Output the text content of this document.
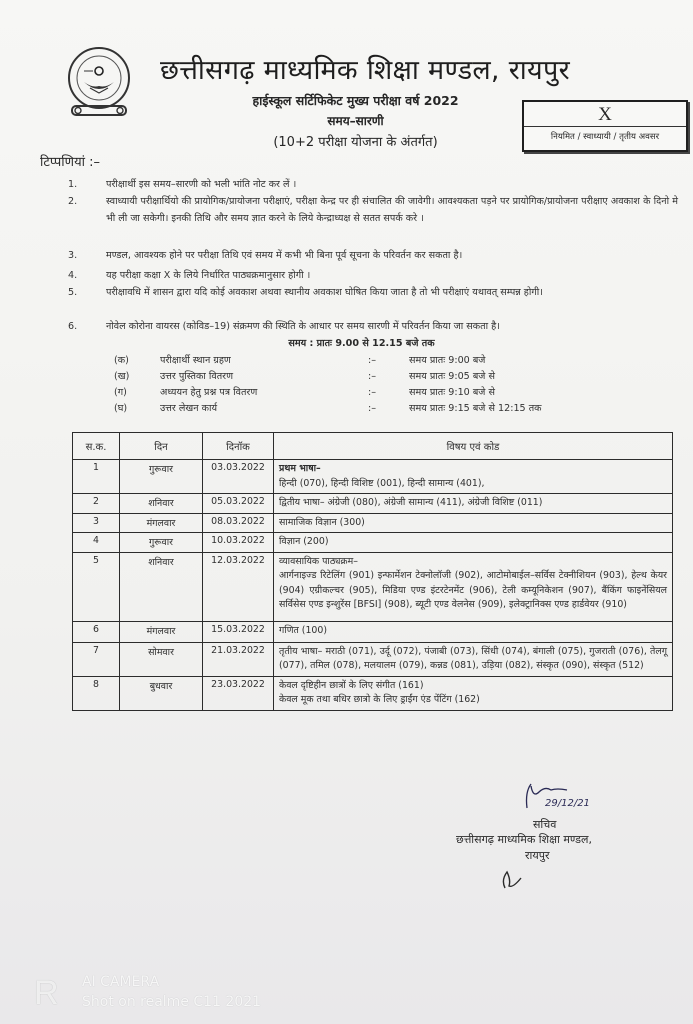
छत्तीसगढ़ माध्यमिक शिक्षा मण्डल, रायपुर
हाईस्कूल सर्टिफिकेट मुख्य परीक्षा वर्ष 2022
समय–सारणी
(10+2 परीक्षा योजना के अंतर्गत)
X
नियमित / स्वाध्यायी / तृतीय अवसर
टिप्पणियां :–
1.	परीक्षार्थी इस समय–सारणी को भली भांति नोट कर लें ।
2.	स्वाध्यायी परीक्षार्थियो की प्रायोगिक/प्रायोजना परीक्षाएं, परीक्षा केन्द्र पर ही संचालित की जावेगी। आवश्यकता पड़ने पर प्रायोगिक/प्रायोजना परीक्षाए अवकाश के दिनो मे भी ली जा सकेगी। इनकी तिथि और समय ज्ञात करने के लिये केन्द्राध्यक्ष से सतत सपर्क करे ।
3.	मण्डल, आवश्यक होने पर परीक्षा तिथि एवं समय में कभी भी बिना पूर्व सूचना के परिवर्तन कर सकता है।
4.	यह परीक्षा कक्षा X के लिये निर्धारित पाठ्यक्रमानुसार होगी ।
5.	परीक्षावधि में शासन द्वारा यदि कोई अवकाश अथवा स्थानीय अवकाश घोषित किया जाता है तो भी परीक्षाएं यथावत् सम्पन्न होगी।
6.	नोवेल कोरोना वायरस (कोविड–19) संक्रमण की स्थिति के आधार पर समय सारणी में परिवर्तन किया जा सकता है।
समय : प्रातः 9.00 से 12.15 बजे तक
(क)	परीक्षार्थी स्थान ग्रहण	:–	समय प्रातः 9:00 बजे
(ख)	उत्तर पुस्तिका वितरण	:–	समय प्रातः 9:05 बजे से
(ग)	अध्ययन हेतु प्रश्न पत्र वितरण	:–	समय प्रातः 9:10 बजे से
(घ)	उत्तर लेखन कार्य	:–	समय प्रातः 9:15 बजे से 12:15 तक
स.क.	दिन	दिनॉक	विषय एवं कोड
1	गुरूवार	03.03.2022	प्रथम भाषा–
हिन्दी (070), हिन्दी विशिष्ट (001), हिन्दी सामान्य (401),

2	शनिवार	05.03.2022	द्वितीय भाषा– अंग्रेजी (080), अंग्रेजी सामान्य (411), अंग्रेजी विशिष्ट (011)
3	मंगलवार	08.03.2022	सामाजिक विज्ञान (300)
4	गुरूवार	10.03.2022	विज्ञान (200)
5	शनिवार	12.03.2022	व्यावसायिक पाठ्यक्रम–
आर्गनाइज्ड रिटेलिंग (901) इन्फार्मेशन टेक्नोलॉजी (902), आटोमोबाईल–सर्विस टेक्नीशियन (903), हेल्थ केयर (904) एग्रीकल्चर (905), मिडिया एण्ड इंटरटेनमेंट (906), टेली कम्यूनिकेशन (907), बैंकिंग फाइनेंसियल सर्विसेस एण्ड इन्शुरेंस [BFSI] (908), ब्यूटी एण्ड वेलनेस (909), इलेक्ट्रानिक्स एण्ड हार्डवेयर (910)

6	मंगलवार	15.03.2022	गणित (100)
7	सोमवार	21.03.2022	तृतीय भाषा– मराठी (071), उर्दू (072), पंजाबी (073), सिंधी (074), बंगाली (075), गुजराती (076), तेलगू (077), तमिल (078), मलयालम (079), कन्नड (081), उड़िया (082), संस्कृत (090), संस्कृत (512)
8	बुधवार	23.03.2022	केवल दृष्टिहीन छात्रों के लिए संगीत (161)
केवल मूक तथा बधिर छात्रो के लिए ड्राईंग एंड पेंटिंग (162)
29/12/21
सचिव
छत्तीसगढ़ माध्यमिक शिक्षा मण्डल,
रायपुर
R AI CAMERA
Shot on realme C11 2021
